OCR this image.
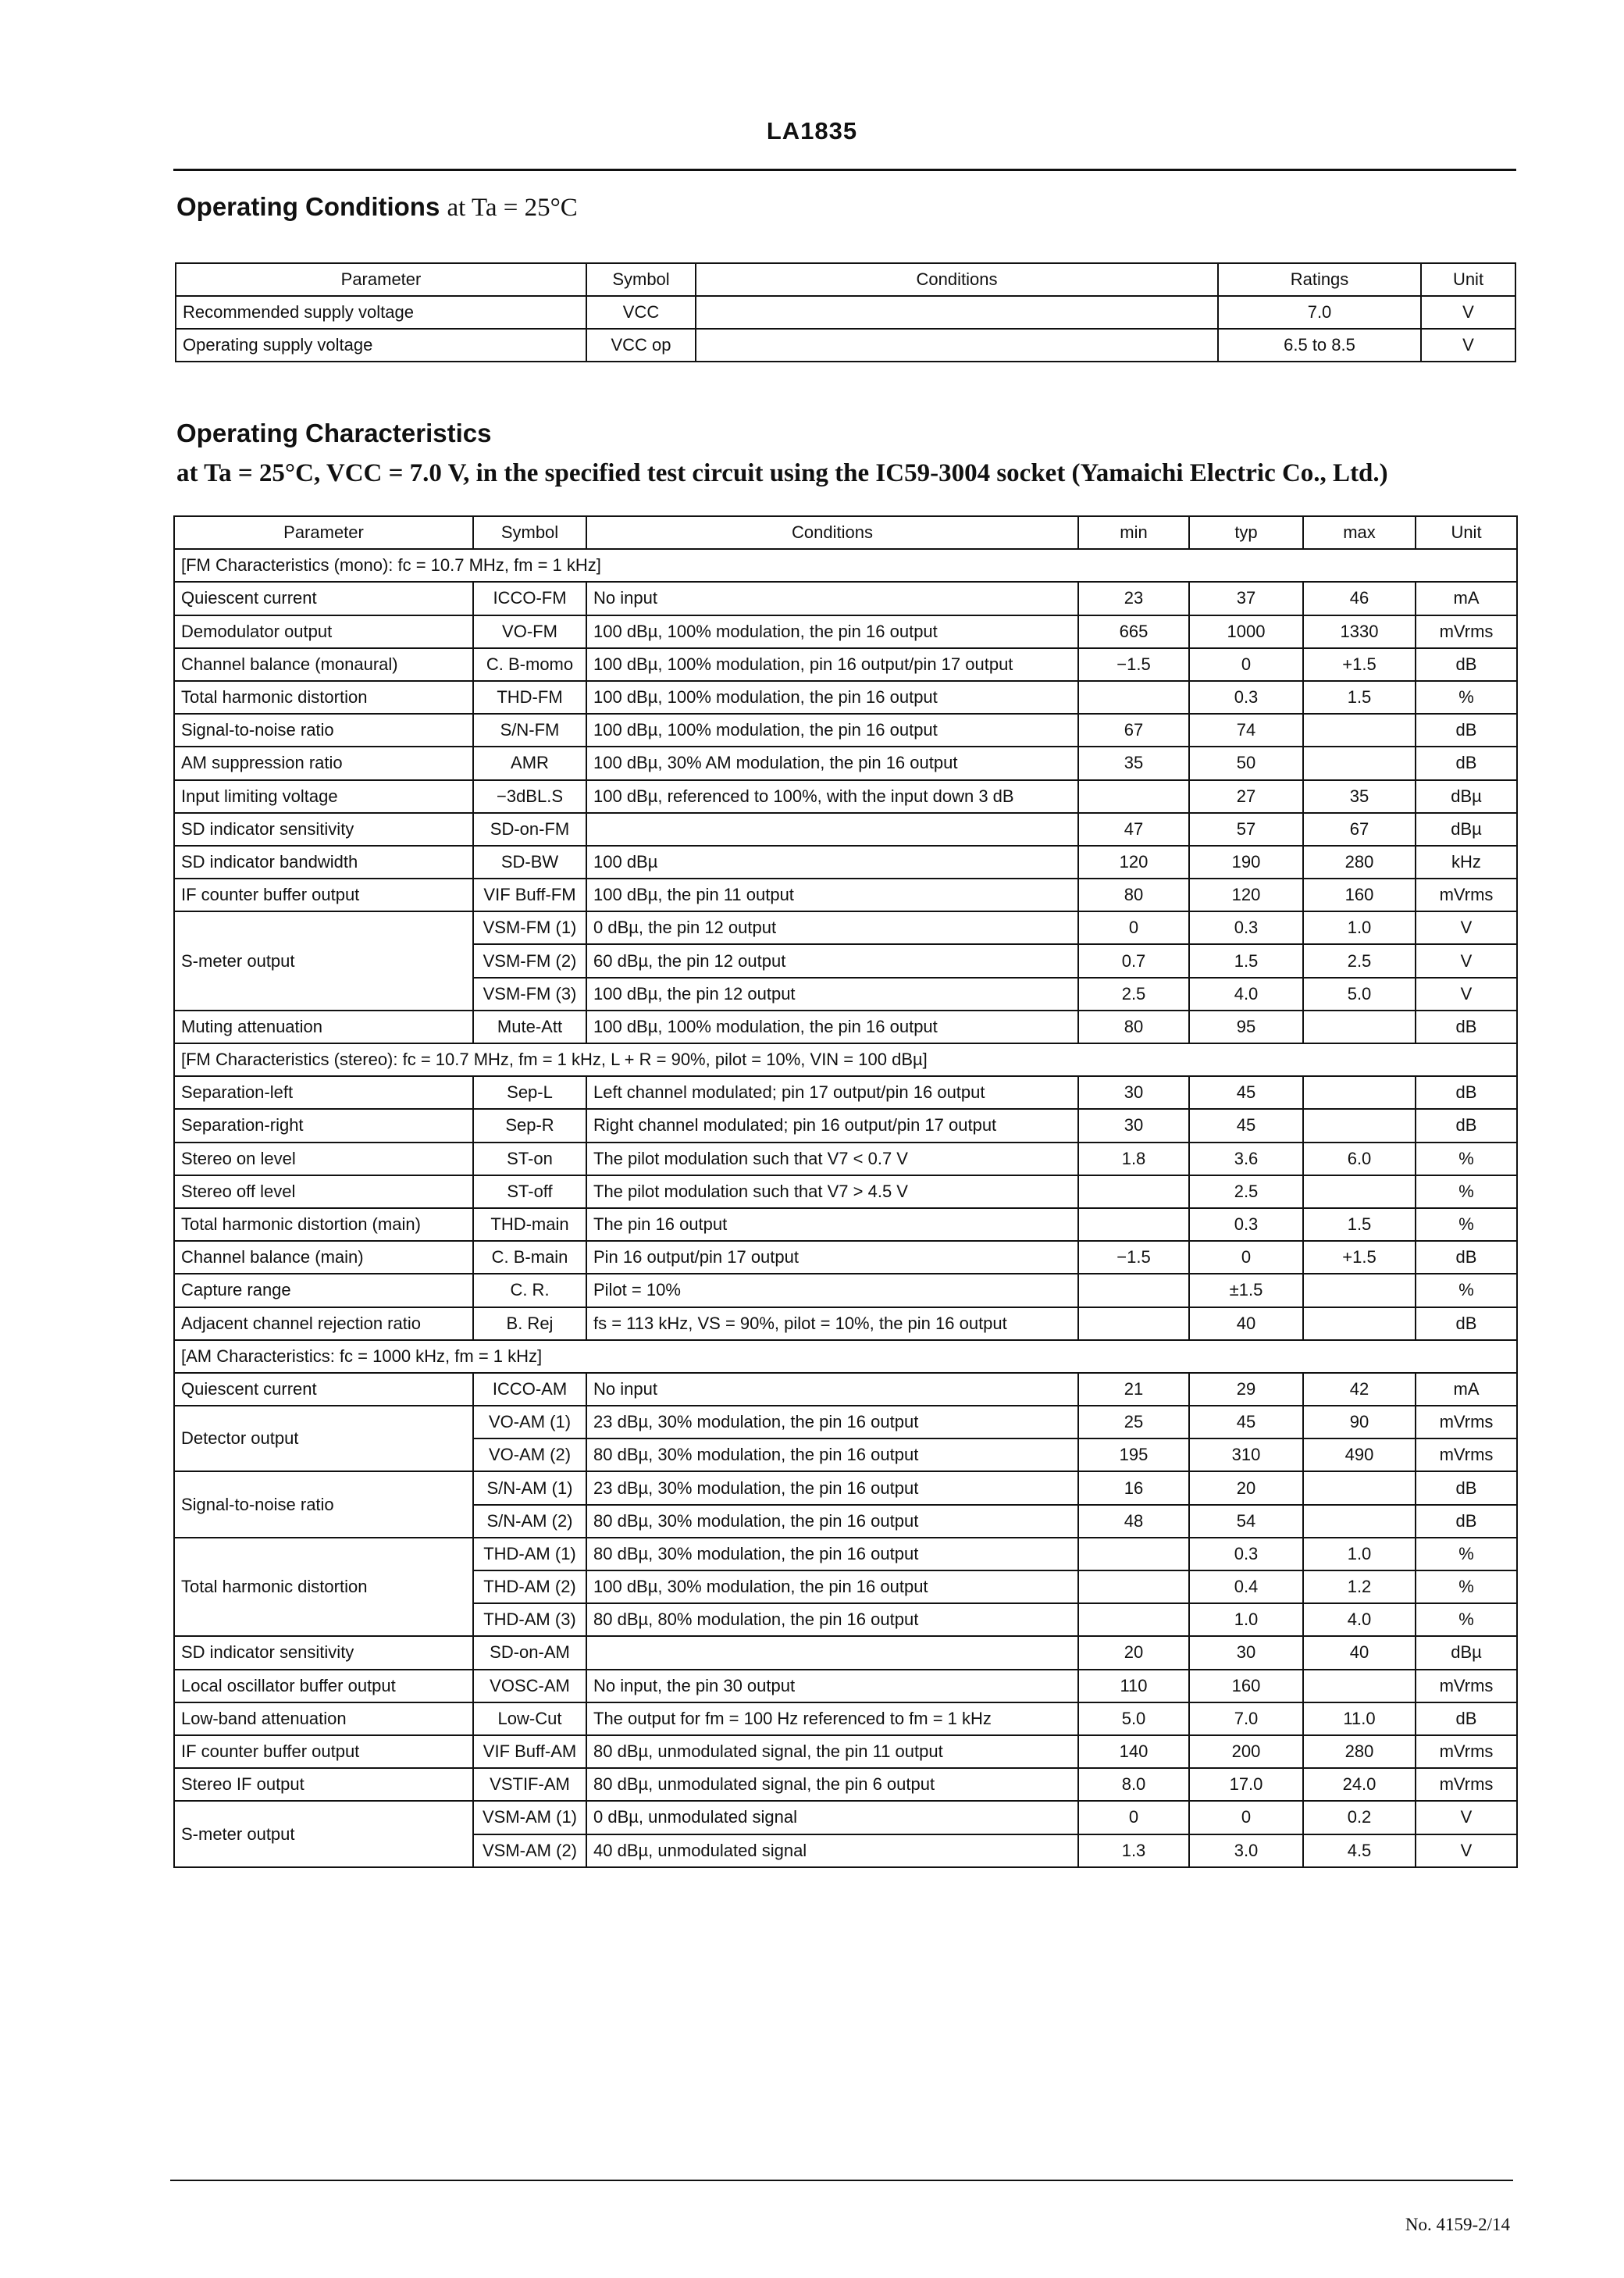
LA1835
Operating Conditions at Ta = 25°C
Parameter	Symbol	Conditions	Ratings	Unit
Recommended supply voltage	VCC		7.0	V
Operating supply voltage	VCC op		6.5 to 8.5	V
Operating Characteristics
at Ta = 25°C, VCC = 7.0 V, in the specified test circuit using the IC59-3004 socket (Yamaichi Electric Co., Ltd.)
Parameter	Symbol	Conditions	min	typ	max	Unit
[FM Characteristics (mono): fc = 10.7 MHz, fm = 1 kHz]						
Quiescent current	ICCO-FM	No input	23	37	46	mA
Demodulator output	VO-FM	100 dBµ, 100% modulation, the pin 16 output	665	1000	1330	mVrms
Channel balance (monaural)	C. B-momo	100 dBµ, 100% modulation, pin 16 output/pin 17 output	−1.5	0	+1.5	dB
Total harmonic distortion	THD-FM	100 dBµ, 100% modulation, the pin 16 output		0.3	1.5	%
Signal-to-noise ratio	S/N-FM	100 dBµ, 100% modulation, the pin 16 output	67	74		dB
AM suppression ratio	AMR	100 dBµ, 30% AM modulation, the pin 16 output	35	50		dB
Input limiting voltage	−3dBL.S	100 dBµ, referenced to 100%, with the input down 3 dB		27	35	dBµ
SD indicator sensitivity	SD-on-FM		47	57	67	dBµ
SD indicator bandwidth	SD-BW	100 dBµ	120	190	280	kHz
IF counter buffer output	VIF Buff-FM	100 dBµ, the pin 11 output	80	120	160	mVrms
S-meter output	VSM-FM (1)	0 dBµ, the pin 12 output	0	0.3	1.0	V
	VSM-FM (2)	60 dBµ, the pin 12 output	0.7	1.5	2.5	V
	VSM-FM (3)	100 dBµ, the pin 12 output	2.5	4.0	5.0	V
Muting attenuation	Mute-Att	100 dBµ, 100% modulation, the pin 16 output	80	95		dB
[FM Characteristics (stereo): fc = 10.7 MHz, fm = 1 kHz, L + R = 90%, pilot = 10%, VIN = 100 dBµ]						
Separation-left	Sep-L	Left channel modulated; pin 17 output/pin 16 output	30	45		dB
Separation-right	Sep-R	Right channel modulated; pin 16 output/pin 17 output	30	45		dB
Stereo on level	ST-on	The pilot modulation such that V7 < 0.7 V	1.8	3.6	6.0	%
Stereo off level	ST-off	The pilot modulation such that V7 > 4.5 V		2.5		%
Total harmonic distortion (main)	THD-main	The pin 16 output		0.3	1.5	%
Channel balance (main)	C. B-main	Pin 16 output/pin 17 output	−1.5	0	+1.5	dB
Capture range	C. R.	Pilot = 10%		±1.5		%
Adjacent channel rejection ratio	B. Rej	fs = 113 kHz, VS = 90%, pilot = 10%, the pin 16 output		40		dB
[AM Characteristics: fc = 1000 kHz, fm = 1 kHz]						
Quiescent current	ICCO-AM	No input	21	29	42	mA
Detector output	VO-AM (1)	23 dBµ, 30% modulation, the pin 16 output	25	45	90	mVrms
	VO-AM (2)	80 dBµ, 30% modulation, the pin 16 output	195	310	490	mVrms
Signal-to-noise ratio	S/N-AM (1)	23 dBµ, 30% modulation, the pin 16 output	16	20		dB
	S/N-AM (2)	80 dBµ, 30% modulation, the pin 16 output	48	54		dB
Total harmonic distortion	THD-AM (1)	80 dBµ, 30% modulation, the pin 16 output		0.3	1.0	%
	THD-AM (2)	100 dBµ, 30% modulation, the pin 16 output		0.4	1.2	%
	THD-AM (3)	80 dBµ, 80% modulation, the pin 16 output		1.0	4.0	%
SD indicator sensitivity	SD-on-AM		20	30	40	dBµ
Local oscillator buffer output	VOSC-AM	No input, the pin 30 output	110	160		mVrms
Low-band attenuation	Low-Cut	The output for fm = 100 Hz referenced to fm = 1 kHz	5.0	7.0	11.0	dB
IF counter buffer output	VIF Buff-AM	80 dBµ, unmodulated signal, the pin 11 output	140	200	280	mVrms
Stereo IF output	VSTIF-AM	80 dBµ, unmodulated signal, the pin 6 output	8.0	17.0	24.0	mVrms
S-meter output	VSM-AM (1)	0 dBµ, unmodulated signal	0	0	0.2	V
	VSM-AM (2)	40 dBµ, unmodulated signal	1.3	3.0	4.5	V
No. 4159-2/14
